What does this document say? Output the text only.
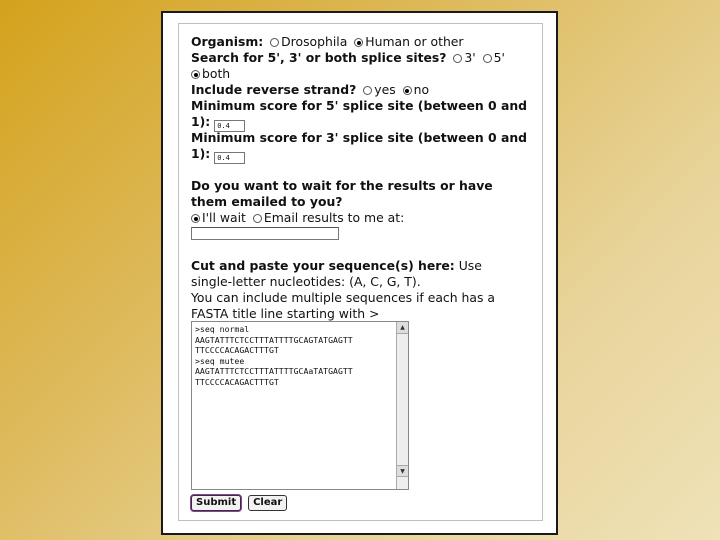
Organism: Drosophila Human or other
Search for 5', 3' or both splice sites? 3' 5'
both
Include reverse strand? yes no
Minimum score for 5' splice site (between 0 and
1): 0.4
Minimum score for 3' splice site (between 0 and
1): 0.4
Do you want to wait for the results or have
them emailed to you?
I'll wait Email results to me at:
Cut and paste your sequence(s) here: Use
single-letter nucleotides: (A, C, G, T).
You can include multiple sequences if each has a
FASTA title line starting with >
>seq normal
AAGTATTTCTCCTTTATTTTGCAGTATGAGTT
TTCCCCACAGACTTTGT
>seq mutee
AAGTATTTCTCCTTTATTTTGCAaTATGAGTT
TTCCCCACAGACTTTGT
▲
▼
Submit Clear
